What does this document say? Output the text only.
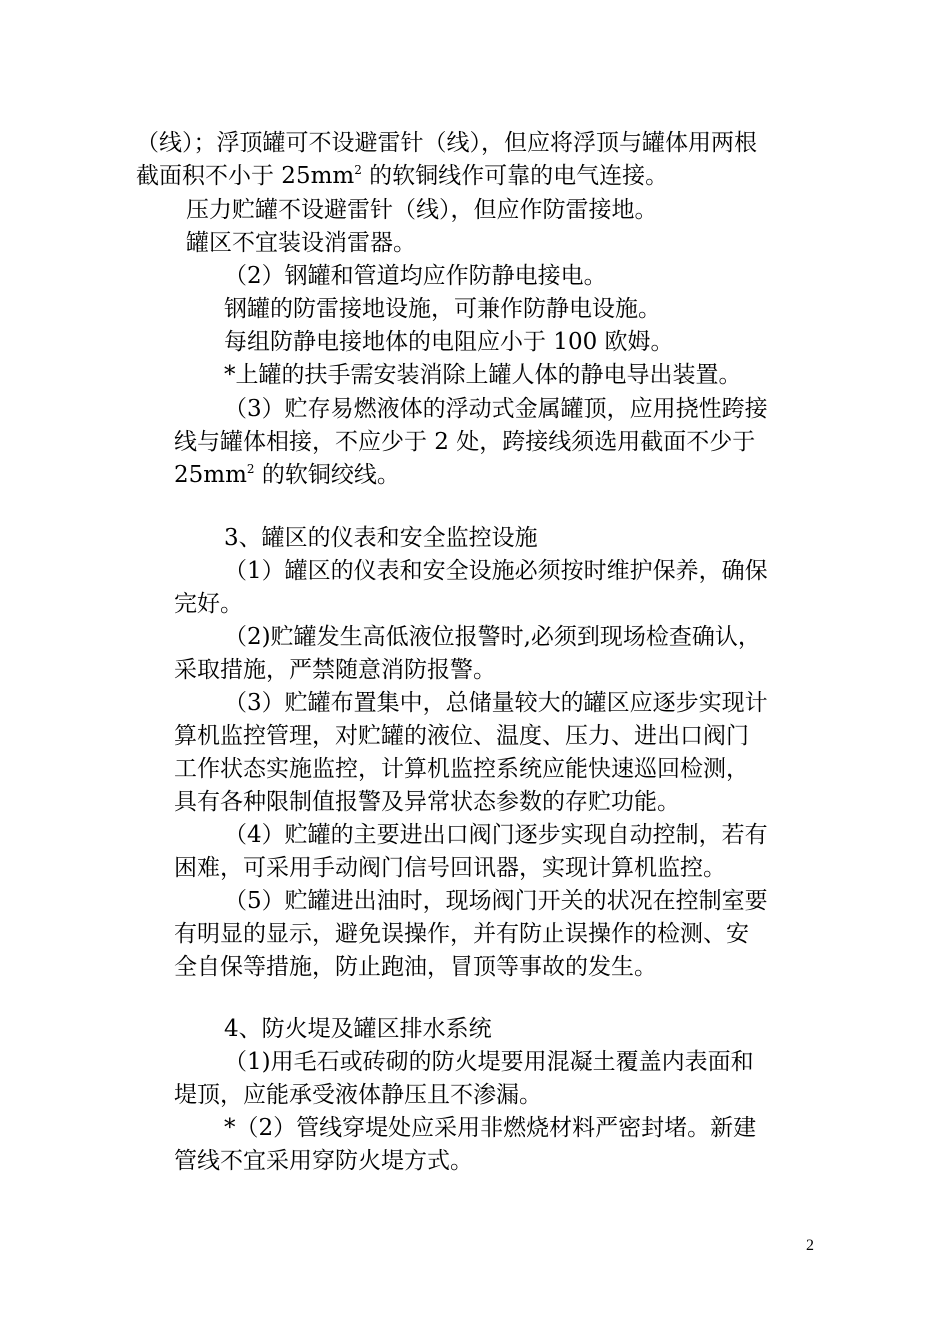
（线）；浮顶罐可不设避雷针（线），但应将浮顶与罐体用两根

截面积不小于 $25mm^2$ 的软铜线作可靠的电气连接。

压力贮罐不设避雷针（线），但应作防雷接地。

罐区不宜装设消雷器。

（2）钢罐和管道均应作防静电接电。

钢罐的防雷接地设施，可兼作防静电设施。

每组防静电接地体的电阻应小于 100 欧姆。

*上罐的扶手需安装消除上罐人体的静电导出装置。

（3）贮存易燃液体的浮动式金属罐顶，应用挠性跨接

线与罐体相接，不应少于 2 处，跨接线须选用截面不少于

$25mm^2$ 的软铜绞线。

3、罐区的仪表和安全监控设施

（1）罐区的仪表和安全设施必须按时维护保养，确保

完好。

（2)贮罐发生高低液位报警时,必须到现场检查确认，

采取措施，严禁随意消防报警。

（3）贮罐布置集中，总储量较大的罐区应逐步实现计

算机监控管理，对贮罐的液位、温度、压力、进出口阀门

工作状态实施监控，计算机监控系统应能快速巡回检测，

具有各种限制值报警及异常状态参数的存贮功能。

（4）贮罐的主要进出口阀门逐步实现自动控制，若有

困难，可采用手动阀门信号回讯器，实现计算机监控。

（5）贮罐进出油时，现场阀门开关的状况在控制室要

有明显的显示，避免误操作，并有防止误操作的检测、安

全自保等措施，防止跑油，冒顶等事故的发生。

4、防火堤及罐区排水系统

（1)用毛石或砖砌的防火堤要用混凝土覆盖内表面和

堤顶，应能承受液体静压且不渗漏。

*（2）管线穿堤处应采用非燃烧材料严密封堵。新建

管线不宜采用穿防火堤方式。

2
